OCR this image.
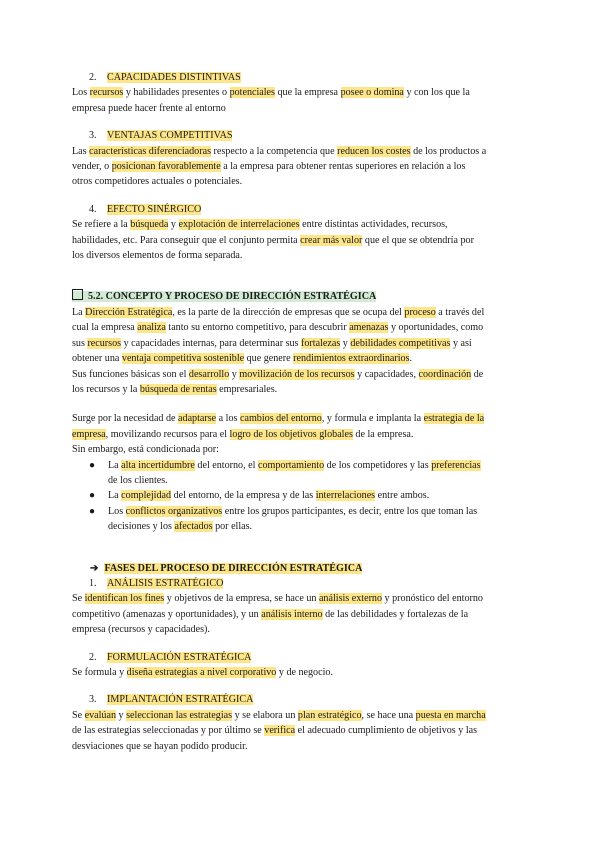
2. CAPACIDADES DISTINTIVAS

Los recursos y habilidades presentes o potenciales que la empresa posee o domina y con los que la
empresa puede hacer frente al entorno

3. VENTAJAS COMPETITIVAS

Las características diferenciadoras respecto a la competencia que reducen los costes de los productos a
vender, o posicionan favorablemente a la empresa para obtener rentas superiores en relación a los
otros competidores actuales o potenciales.

4. EFECTO SINÉRGICO

Se refiere a la búsqueda y explotación de interrelaciones entre distintas actividades, recursos,
habilidades, etc. Para conseguir que el conjunto permita crear más valor que el que se obtendría por
los diversos elementos de forma separada.

5.2. CONCEPTO Y PROCESO DE DIRECCIÓN ESTRATÉGICA

La Dirección Estratégica, es la parte de la dirección de empresas que se ocupa del proceso a través del
cual la empresa analiza tanto su entorno competitivo, para descubrir amenazas y oportunidades, como
sus recursos y capacidades internas, para determinar sus fortalezas y debilidades competitivas y así
obtener una ventaja competitiva sostenible que genere rendimientos extraordinarios.
Sus funciones básicas son el desarrollo y movilización de los recursos y capacidades, coordinación de
los recursos y la búsqueda de rentas empresariales.

Surge por la necesidad de adaptarse a los cambios del entorno, y formula e implanta la estrategia de la
empresa, movilizando recursos para el logro de los objetivos globales de la empresa.
Sin embargo, está condicionada por:

● La alta incertidumbre del entorno, el comportamiento de los competidores y las preferencias
de los clientes.
● La complejidad del entorno, de la empresa y de las interrelaciones entre ambos.
● Los conflictos organizativos entre los grupos participantes, es decir, entre los que toman las
decisiones y los afectados por ellas.

➔ FASES DEL PROCESO DE DIRECCIÓN ESTRATÉGICA

1. ANÁLISIS ESTRATÉGICO

Se identifican los fines y objetivos de la empresa, se hace un análisis externo y pronóstico del entorno
competitivo (amenazas y oportunidades), y un análisis interno de las debilidades y fortalezas de la
empresa (recursos y capacidades).

2. FORMULACIÓN ESTRATÉGICA

Se formula y diseña estrategias a nivel corporativo y de negocio.

3. IMPLANTACIÓN ESTRATÉGICA

Se evalúan y seleccionan las estrategias y se elabora un plan estratégico, se hace una puesta en marcha
de las estrategias seleccionadas y por último se verifica el adecuado cumplimiento de objetivos y las
desviaciones que se hayan podido producir.
